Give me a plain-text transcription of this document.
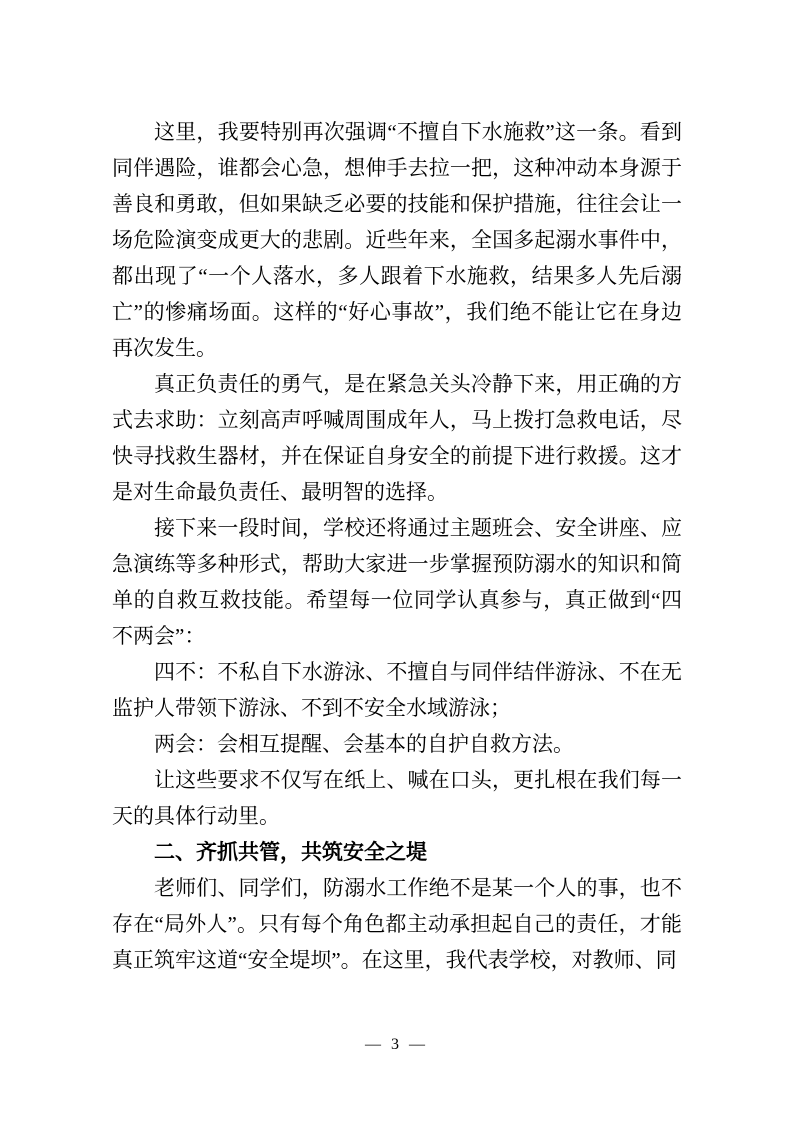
这里，我要特别再次强调“不擅自下水施救”这一条。看到同伴遇险，谁都会心急，想伸手去拉一把，这种冲动本身源于善良和勇敢，但如果缺乏必要的技能和保护措施，往往会让一场危险演变成更大的悲剧。近些年来，全国多起溺水事件中，都出现了“一个人落水，多人跟着下水施救，结果多人先后溺亡”的惨痛场面。这样的“好心事故”，我们绝不能让它在身边再次发生。

真正负责任的勇气，是在紧急关头冷静下来，用正确的方式去求助：立刻高声呼喊周围成年人，马上拨打急救电话，尽快寻找救生器材，并在保证自身安全的前提下进行救援。这才是对生命最负责任、最明智的选择。

接下来一段时间，学校还将通过主题班会、安全讲座、应急演练等多种形式，帮助大家进一步掌握预防溺水的知识和简单的自救互救技能。希望每一位同学认真参与，真正做到“四不两会”：

四不：不私自下水游泳、不擅自与同伴结伴游泳、不在无监护人带领下游泳、不到不安全水域游泳；

两会：会相互提醒、会基本的自护自救方法。

让这些要求不仅写在纸上、喊在口头，更扎根在我们每一天的具体行动里。

二、齐抓共管，共筑安全之堤

老师们、同学们，防溺水工作绝不是某一个人的事，也不存在“局外人”。只有每个角色都主动承担起自己的责任，才能真正筑牢这道“安全堤坝”。在这里，我代表学校，对教师、同

— 3 —
